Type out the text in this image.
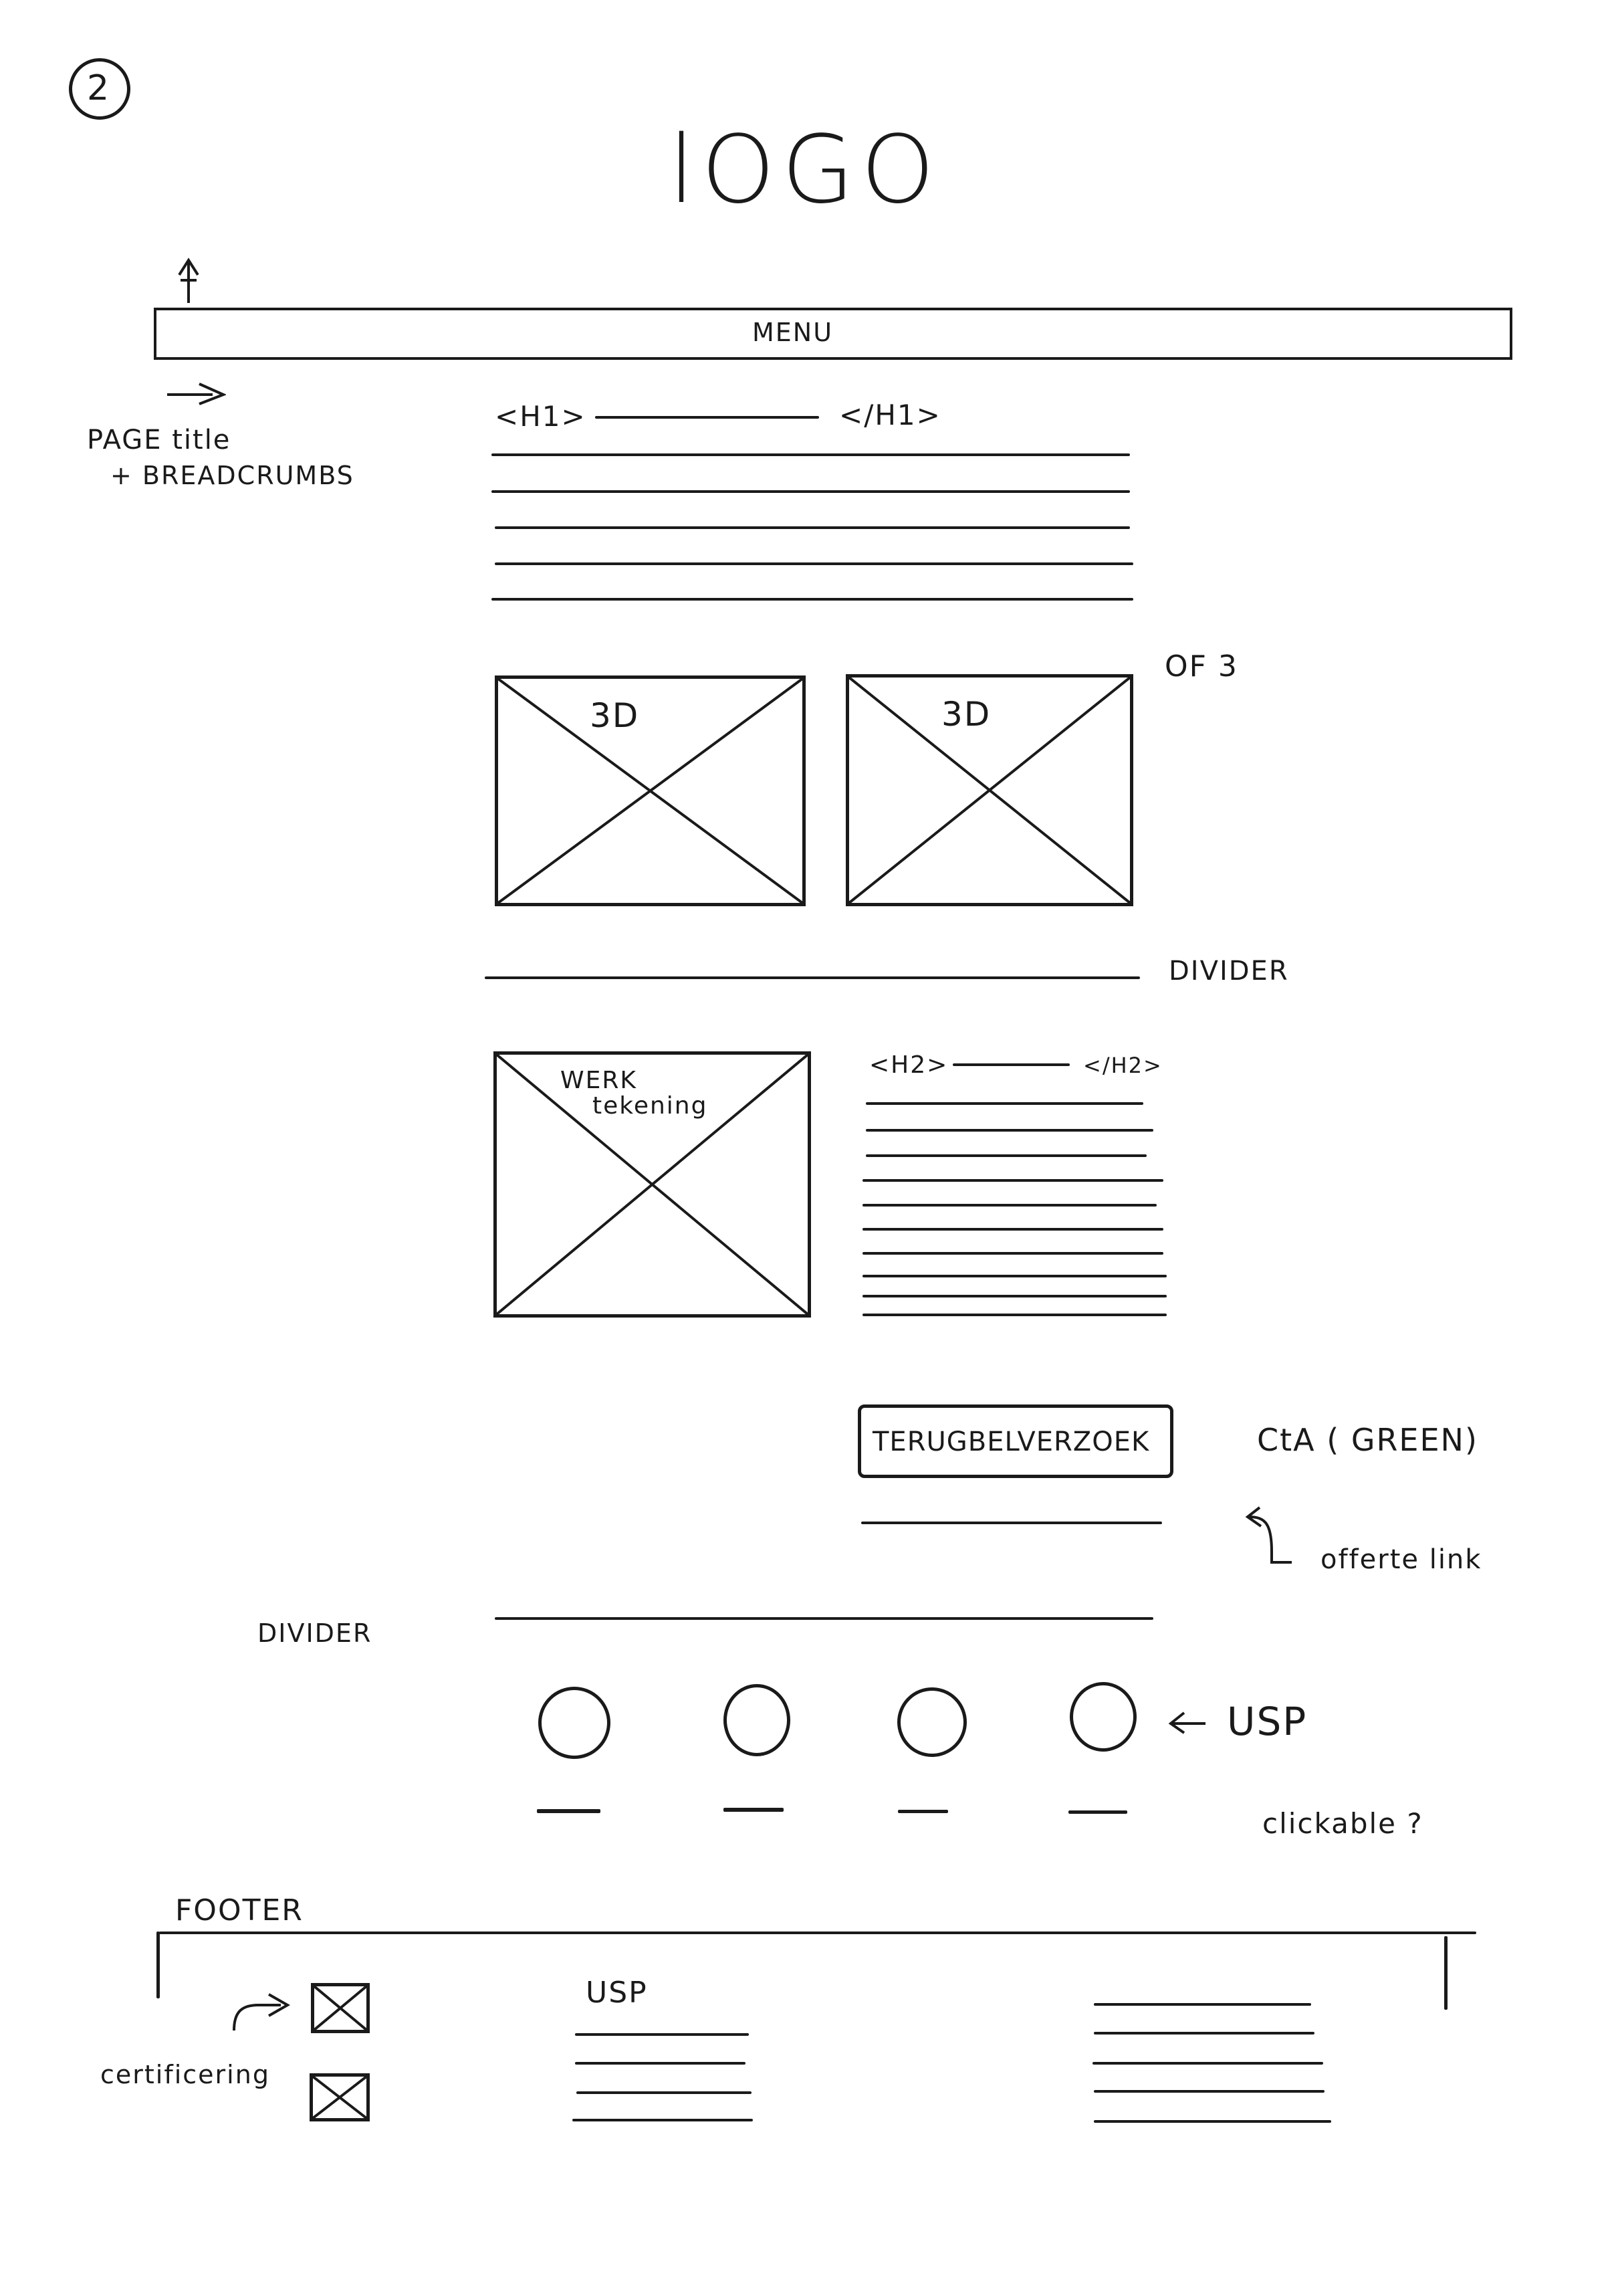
2
lOGO
MENU
PAGE title
+ BREADCRUMBS
<H1>	</H1>
3D	3D
OF 3
DIVIDER
WERK
tekening
<H2>	</H2>
TERUGBELVERZOEK	CtA ( GREEN)
offerte link
DIVIDER
USP
clickable ?
FOOTER
certificering
USP
